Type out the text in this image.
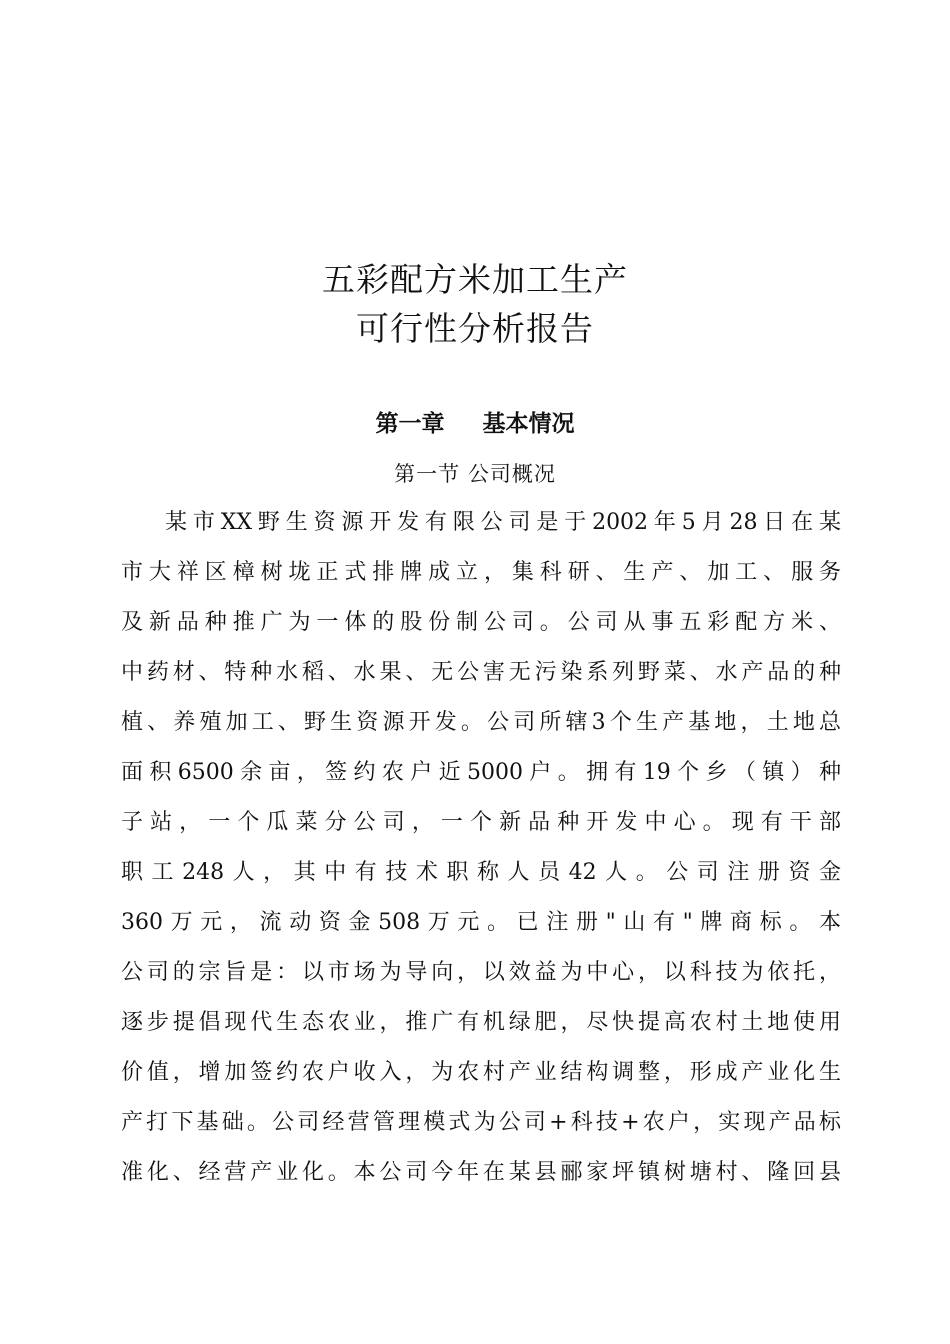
五彩配方米加工生产
可行性分析报告
第一章 基本情况
第一节 公司概况
某市XX野生资源开发有限公司是于2002年5月28日在某
市大祥区樟树垅正式排牌成立，集科研、生产、加工、服务
及新品种推广为一体的股份制公司。公司从事五彩配方米、
中药材、特种水稻、水果、无公害无污染系列野菜、水产品的种
植、养殖加工、野生资源开发。公司所辖3个生产基地，土地总
面积6500余亩，签约农户近5000户。拥有19个乡（镇）种
子站，一个瓜菜分公司，一个新品种开发中心。现有干部
职工248人，其中有技术职称人员42人。公司注册资金
360万元，流动资金508万元。已注册"山有"牌商标。本
公司的宗旨是：以市场为导向，以效益为中心，以科技为依托，
逐步提倡现代生态农业，推广有机绿肥，尽快提高农村土地使用
价值，增加签约农户收入，为农村产业结构调整，形成产业化生
产打下基础。公司经营管理模式为公司+科技+农户，实现产品标
准化、经营产业化。本公司今年在某县郦家坪镇树塘村、隆回县
